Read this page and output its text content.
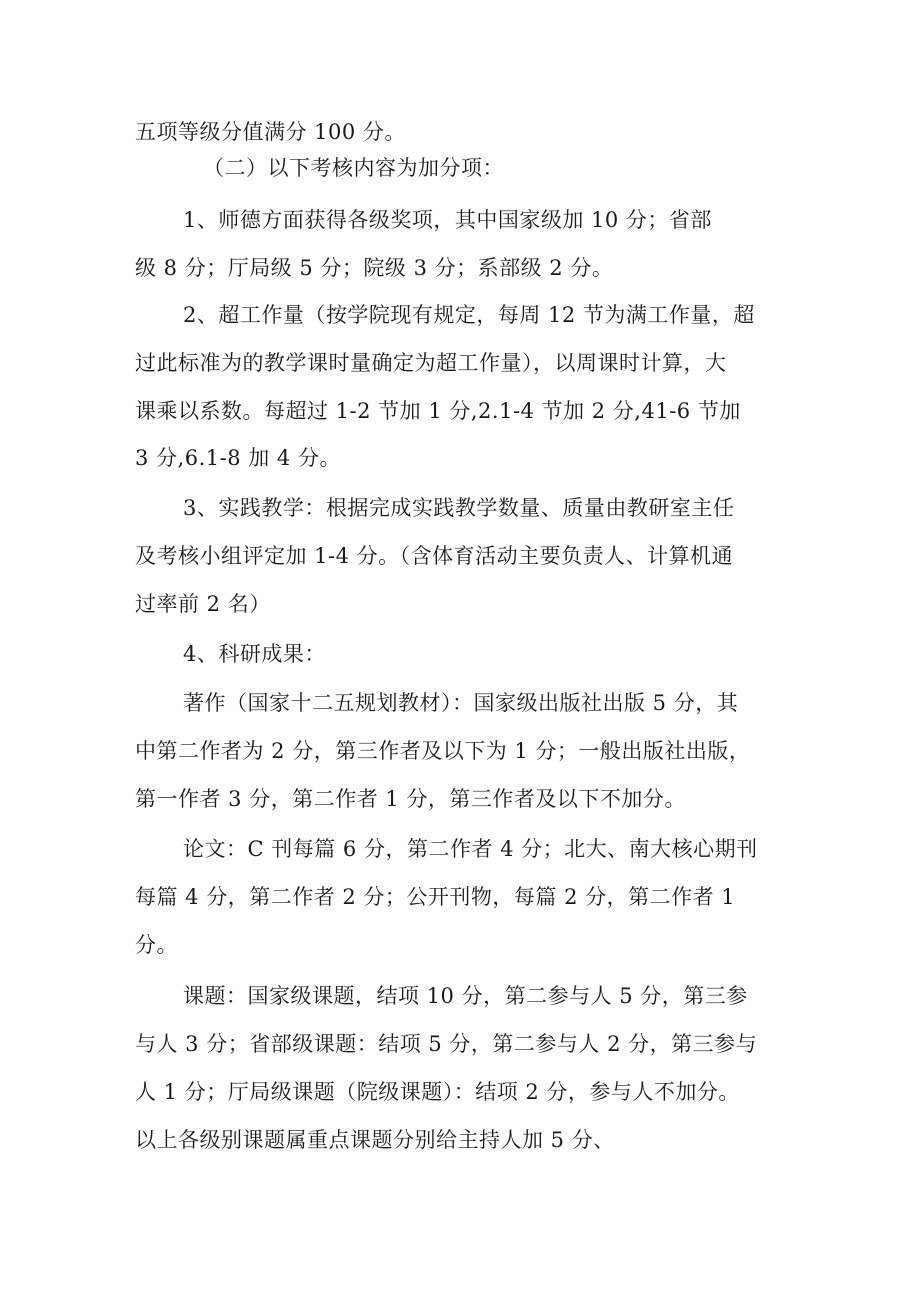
五项等级分值满分 100 分。

（二）以下考核内容为加分项：

1、师德方面获得各级奖项，其中国家级加 10 分；省部

级 8 分；厅局级 5 分；院级 3 分；系部级 2 分。

2、超工作量（按学院现有规定，每周 12 节为满工作量，超

过此标准为的教学课时量确定为超工作量），以周课时计算，大

课乘以系数。每超过 1-2 节加 1 分,2.1-4 节加 2 分,41-6 节加

3 分,6.1-8 加 4 分。

3、实践教学：根据完成实践教学数量、质量由教研室主任

及考核小组评定加 1-4 分。（含体育活动主要负责人、计算机通

过率前 2 名）

4、科研成果：

著作（国家十二五规划教材）：国家级出版社出版 5 分，其

中第二作者为 2 分，第三作者及以下为 1 分；一般出版社出版，

第一作者 3 分，第二作者 1 分，第三作者及以下不加分。

论文：C 刊每篇 6 分，第二作者 4 分；北大、南大核心期刊

每篇 4 分，第二作者 2 分；公开刊物，每篇 2 分，第二作者 1

分。

课题：国家级课题，结项 10 分，第二参与人 5 分，第三参

与人 3 分；省部级课题：结项 5 分，第二参与人 2 分，第三参与

人 1 分；厅局级课题（院级课题）：结项 2 分，参与人不加分。

以上各级别课题属重点课题分别给主持人加 5 分、
